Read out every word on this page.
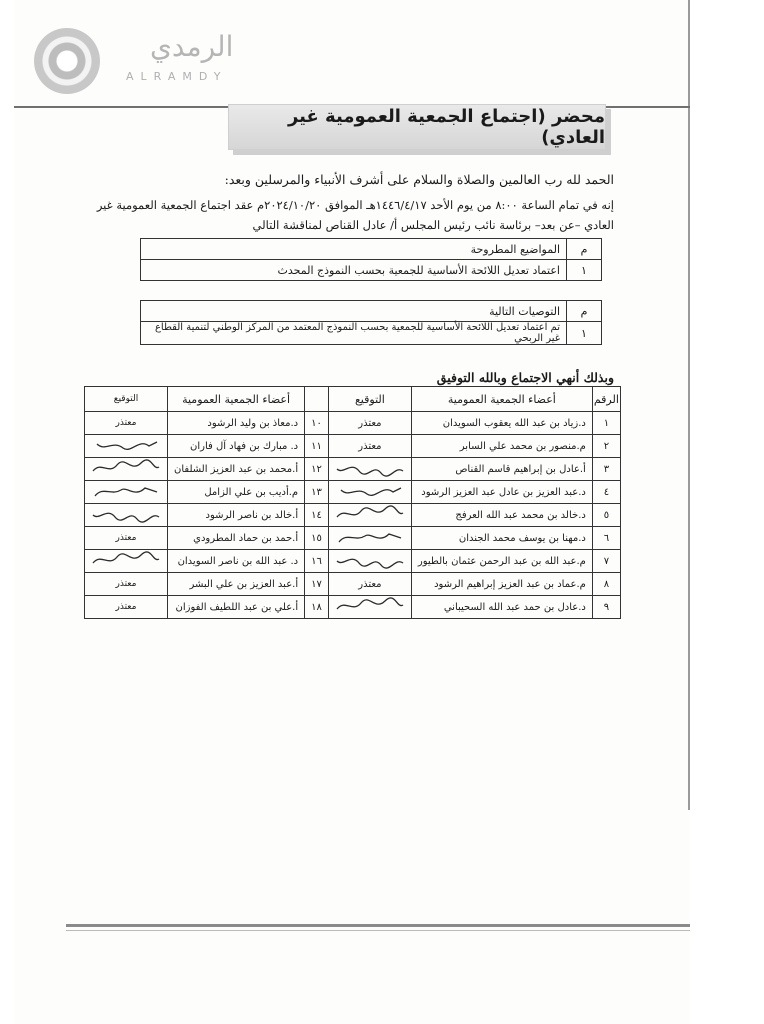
الرمدي
ALRAMDY
محضر (اجتماع الجمعية العمومية غير العادي)
الحمد لله رب العالمين والصلاة والسلام على أشرف الأنبياء والمرسلين وبعد:
إنه في تمام الساعة ٨:٠٠ من يوم الأحد ١٤٤٦/٤/١٧هـ الموافق ٢٠٢٤/١٠/٢٠م عقد اجتماع الجمعية العمومية غير
العادي –عن بعد– برئاسة نائب رئيس المجلس أ/ عادل القناص لمناقشة التالي
م	المواضيع المطروحة
١	اعتماد تعديل اللائحة الأساسية للجمعية بحسب النموذج المحدث
م	التوصيات التالية
١	تم اعتماد تعديل اللائحة الأساسية للجمعية بحسب النموذج المعتمد من المركز الوطني لتنمية القطاع غير الربحي
وبذلك أنهي الاجتماع وبالله التوفيق
الرقم	أعضاء الجمعية العمومية	التوقيع		أعضاء الجمعية العمومية	التوقيع
١	د.زياد بن عبد الله يعقوب السويدان	معتذر	١٠	د.معاذ بن وليد الرشود	معتذر
٢	م.منصور بن محمد علي السابر	معتذر	١١	د. مبارك بن فهاد آل فاران	
٣	أ.عادل بن إبراهيم قاسم القناص		١٢	أ.محمد بن عبد العزيز الشلفان	
٤	د.عبد العزيز بن عادل عبد العزيز الرشود		١٣	م.أديب بن علي الزامل	
٥	د.خالد بن محمد عبد الله العرفج		١٤	أ.خالد بن ناصر الرشود	
٦	د.مهنا بن يوسف محمد الجندان		١٥	أ.حمد بن حماد المطرودي	معتذر
٧	م.عبد الله بن عبد الرحمن عثمان بالطيور		١٦	د. عبد الله بن ناصر السويدان	
٨	م.عماد بن عبد العزيز إبراهيم الرشود	معتذر	١٧	أ.عبد العزيز بن علي البشر	معتذر
٩	د.عادل بن حمد عبد الله السحيباني		١٨	أ.علي بن عبد اللطيف الفوزان	معتذر
